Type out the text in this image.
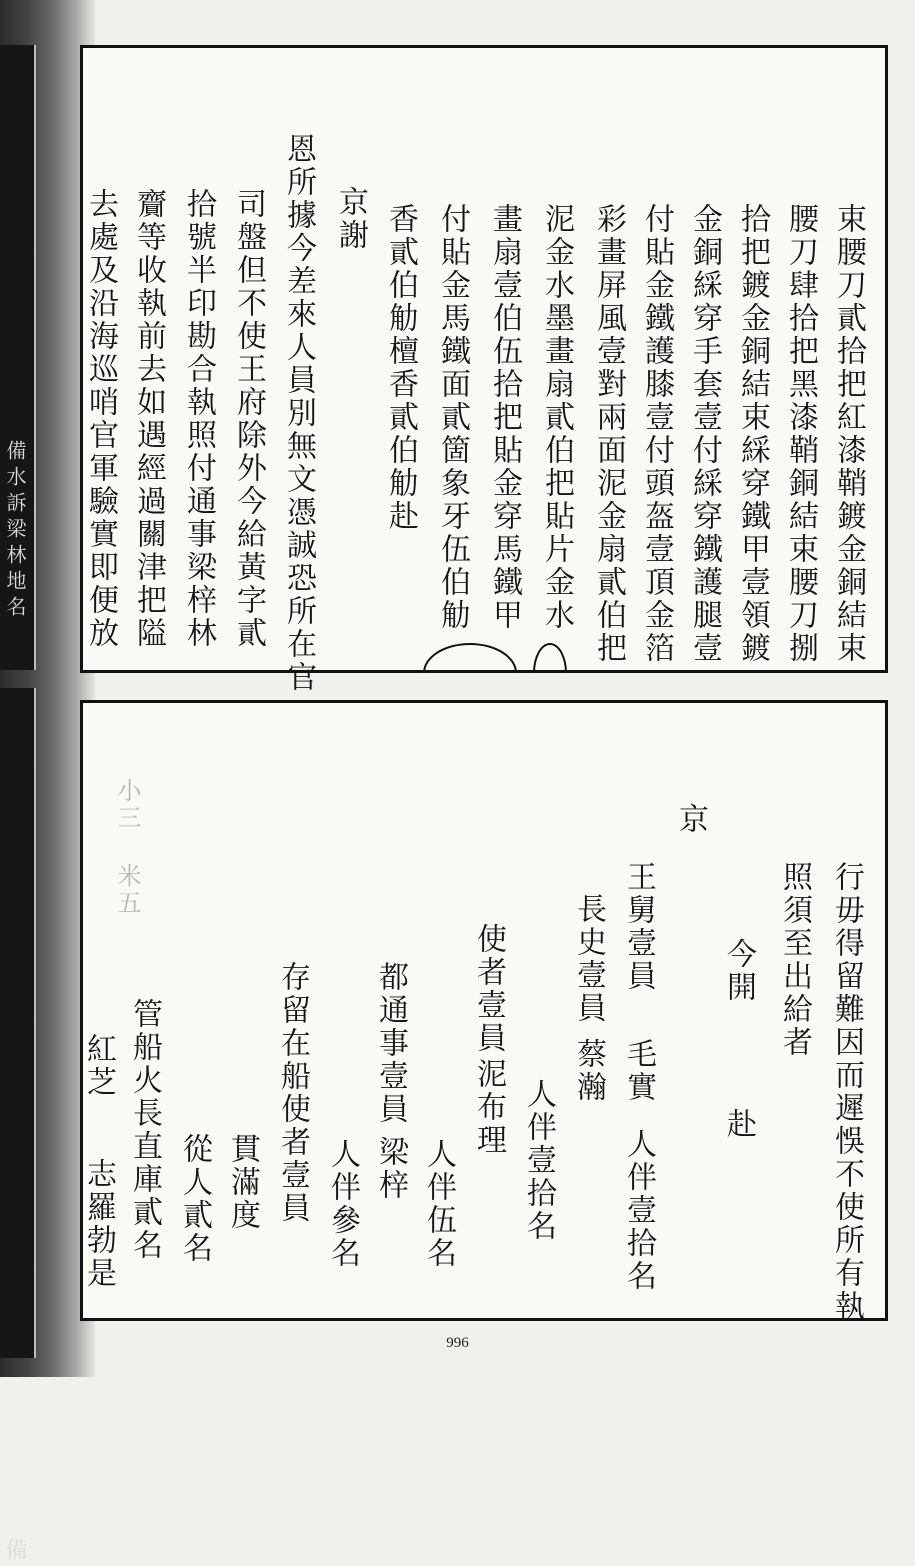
備水訴梁林地名
備
束腰刀貳拾把紅漆鞘鍍金銅結束
腰刀肆拾把黑漆鞘銅結束腰刀捌
拾把鍍金銅結束綵穿鐵甲壹領鍍
金銅綵穿手套壹付綵穿鐵護腿壹
付貼金鐵護膝壹付頭盔壹頂金箔
彩畫屏風壹對兩面泥金扇貳伯把
泥金水墨畫扇貳伯把貼片金水
畫扇壹伯伍拾把貼金穿馬鐵甲
付貼金馬鐵面貳箇象牙伍伯觔
香貳伯觔檀香貳伯觔赴
京謝
恩所據今差來人員別無文憑誠恐所在官
司盤但不使王府除外今給黃字貳
拾號半印勘合執照付通事梁梓林
齎等收執前去如遇經過關津把隘
去處及沿海巡哨官軍驗實即便放
小三 米五
行毋得留難因而遲悞不使所有執
照須至出給者
今開
赴
京
王舅壹員
毛實
人伴壹拾名
長史壹員
蔡瀚
人伴壹拾名
使者壹員
泥布理
人伴伍名
都通事壹員
梁梓
人伴參名
存留在船使者壹員
貫滿度
從人貳名
管船火長直庫貳名
紅芝
志羅勃是
996
